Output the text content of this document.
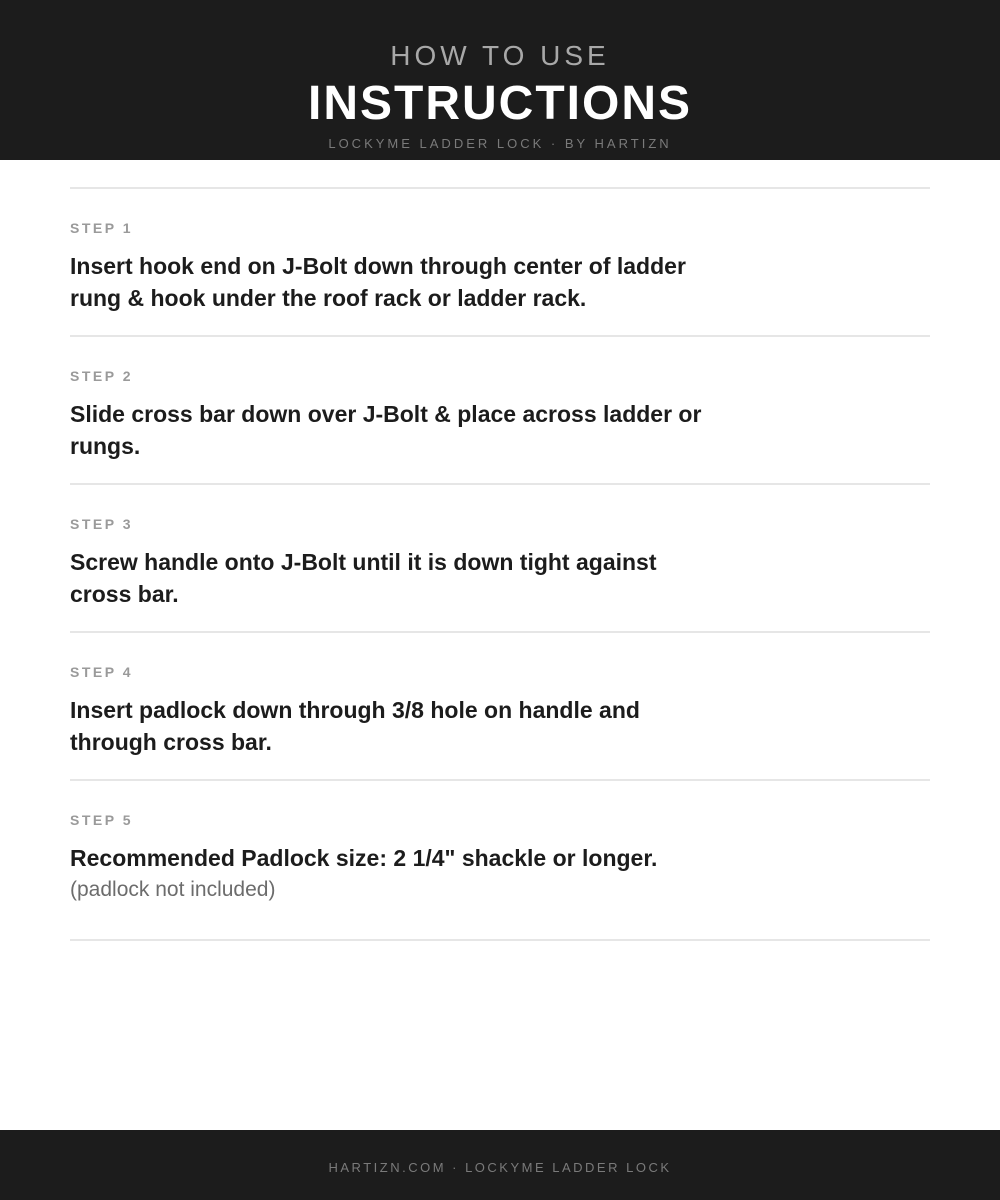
HOW TO USE
INSTRUCTIONS
LOCKYME LADDER LOCK · BY HARTIZN
STEP 1
Insert hook end on J-Bolt down through center of ladder rung & hook under the roof rack or ladder rack.
STEP 2
Slide cross bar down over J-Bolt & place across ladder or rungs.
STEP 3
Screw handle onto J-Bolt until it is down tight against cross bar.
STEP 4
Insert padlock down through 3/8 hole on handle and through cross bar.
STEP 5
Recommended Padlock size: 2 1/4" shackle or longer.
(padlock not included)
HARTIZN.COM · LOCKYME LADDER LOCK
